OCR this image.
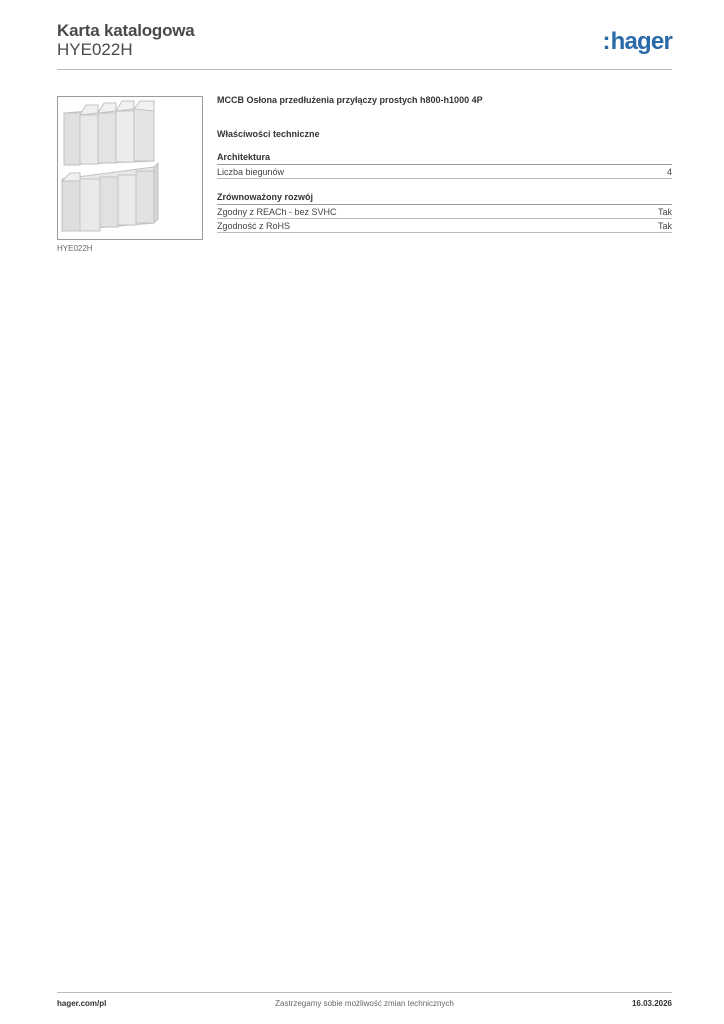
Karta katalogowa
HYE022H	:hager
HYE022H

MCCB Osłona przedłużenia przyłączy prostych h800-h1000 4P

Właściwości techniczne
Architektura
Liczba biegunów	4
Zrównoważony rozwój
Zgodny z REACh - bez SVHC	Tak
Zgodność z RoHS	Tak
hager.com/pl	Zastrzegamy sobie możliwość zmian technicznych	16.03.2026
